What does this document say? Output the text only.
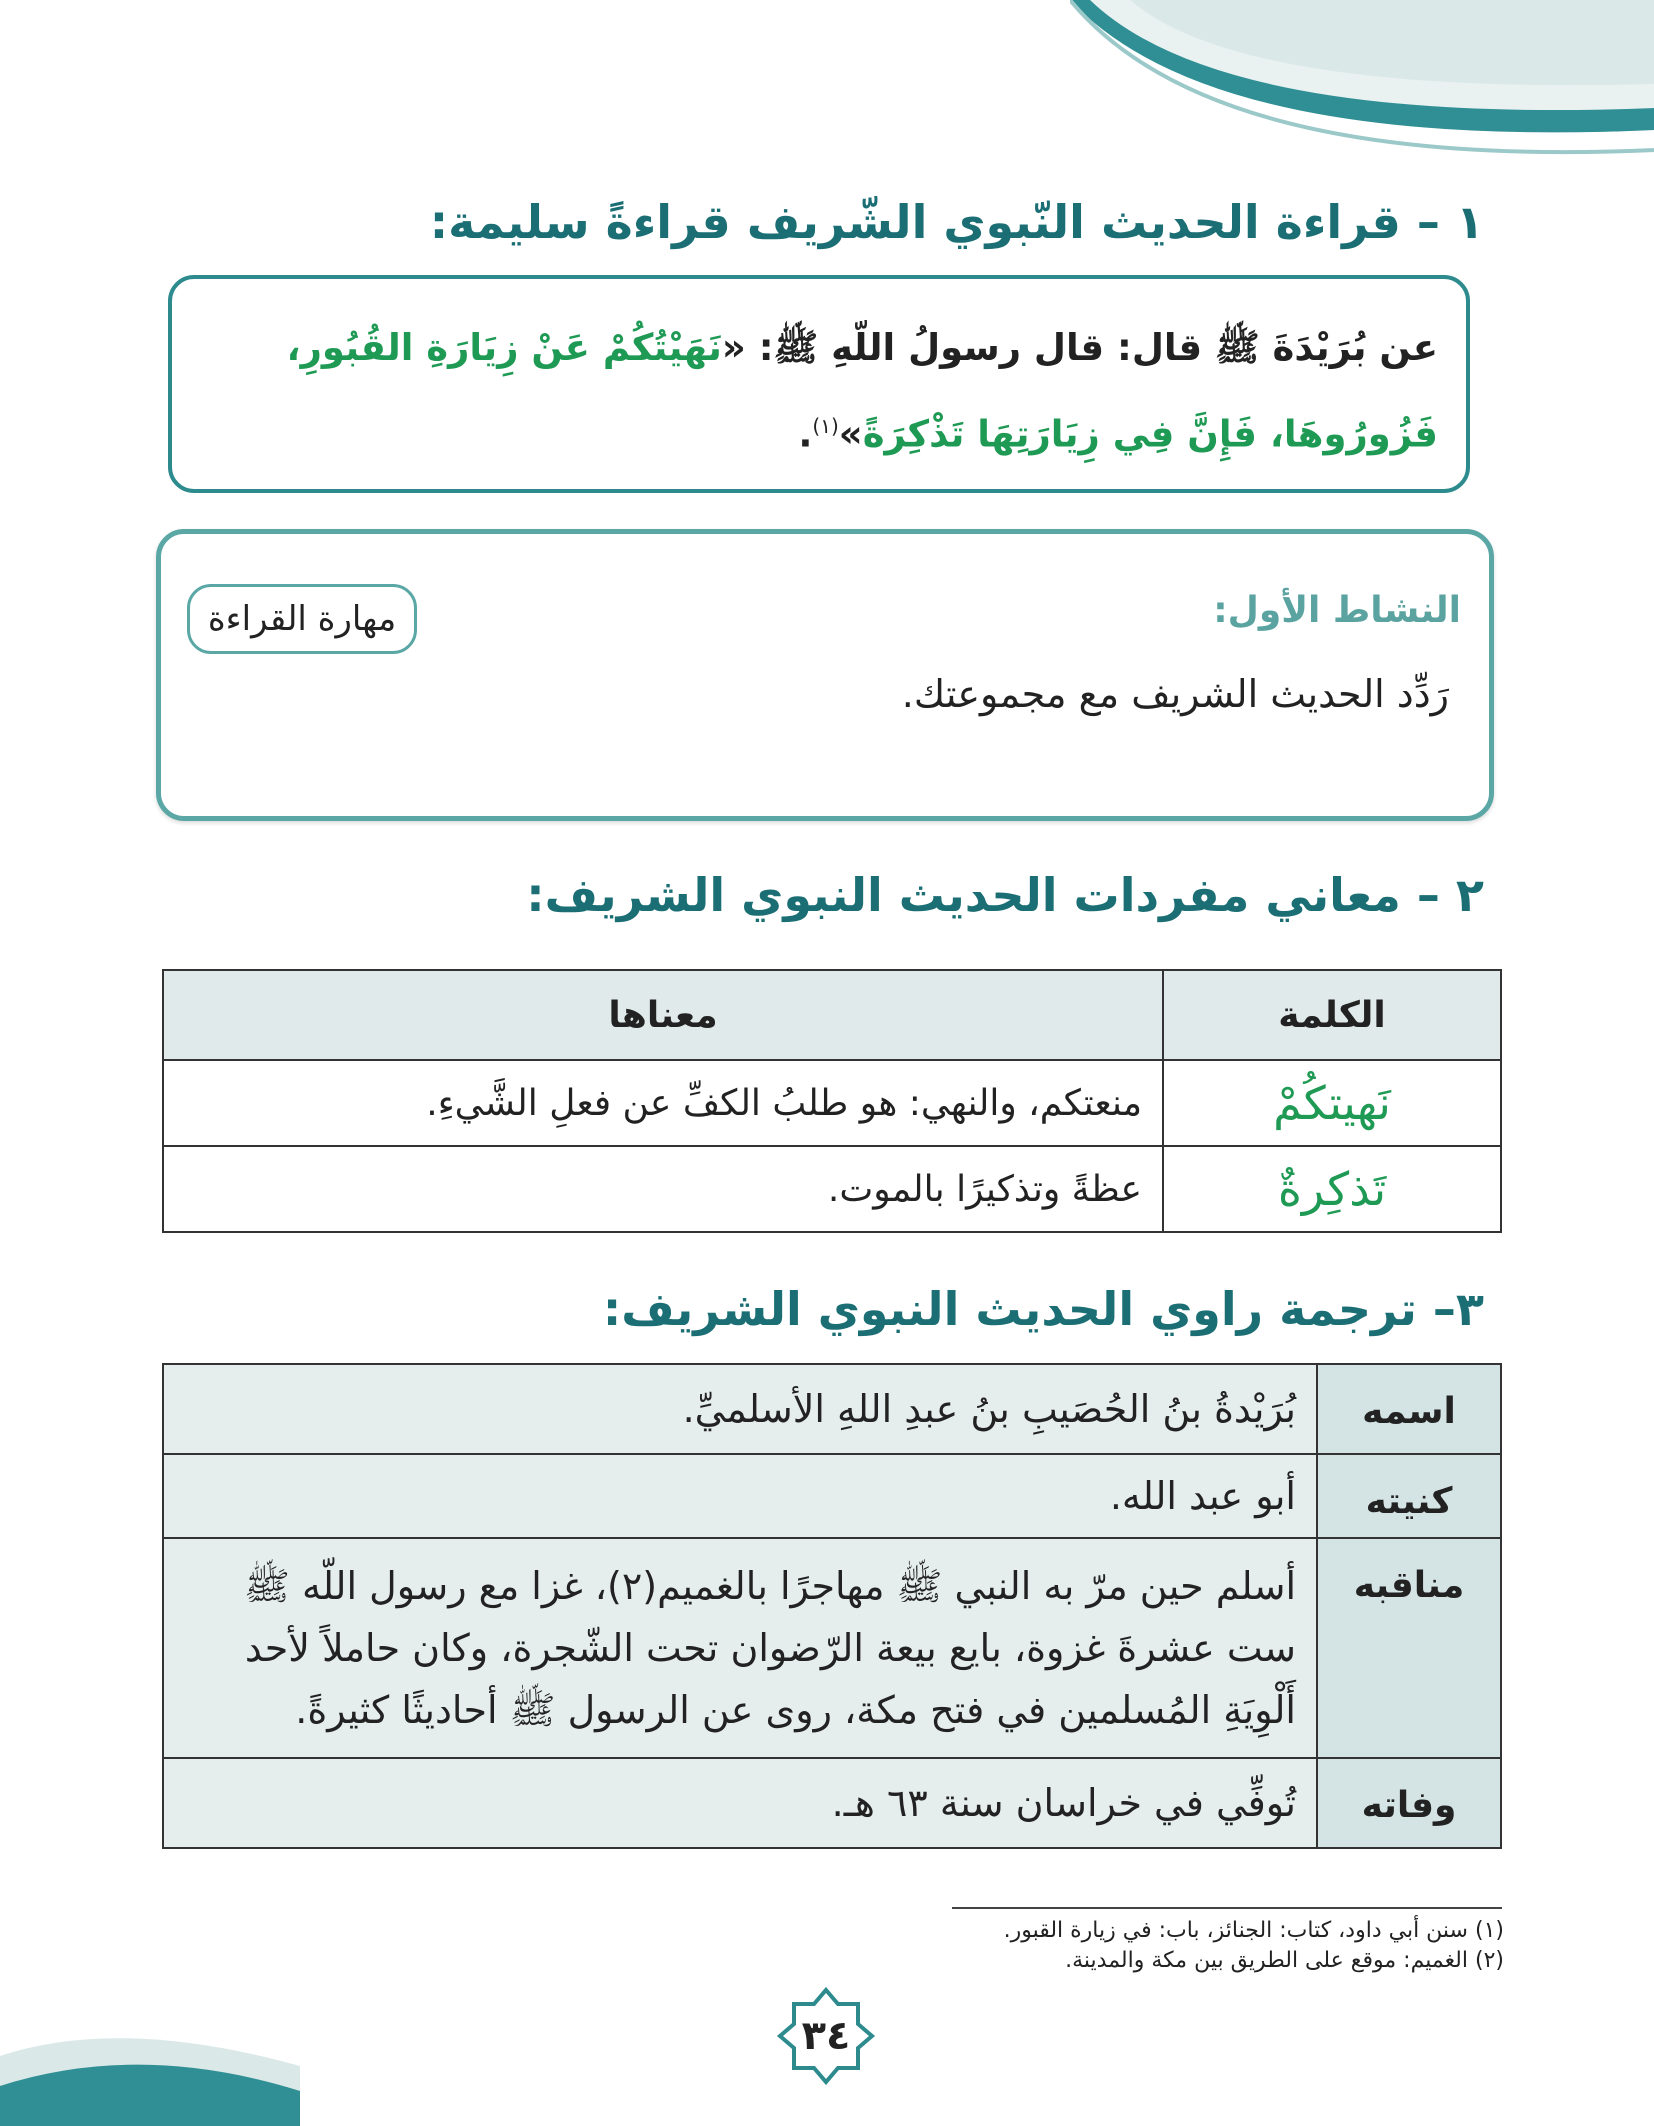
١ – قراءة الحديث النّبوي الشّريف قراءةً سليمة:
عن بُرَيْدَةَ ﷺ قال: قال رسولُ اللّهِ ﷺ: «نَهَيْتُكُمْ عَنْ زِيَارَةِ القُبُورِ، فَزُورُوهَا، فَإِنَّ فِي زِيَارَتِهَا تَذْكِرَةً»$^{(١)}$.
النشاط الأول:
مهارة القراءة
رَدِّد الحديث الشريف مع مجموعتك.
٢ – معاني مفردات الحديث النبوي الشريف:
الكلمة	معناها
نَهيتكُمْ	منعتكم، والنهي: هو طلبُ الكفِّ عن فعلِ الشَّيءِ.
تَذكِرةٌ	عظةً وتذكيرًا بالموت.
٣– ترجمة راوي الحديث النبوي الشريف:
اسمه	بُرَيْدةُ بنُ الحُصَيبِ بنُ عبدِ اللهِ الأسلميِّ.
كنيته	أبو عبد الله.
مناقبه	أسلم حين مرّ به النبي ﷺ مهاجرًا بالغميم(٢)، غزا مع رسول اللّه ﷺ ست عشرةَ غزوة، بايع بيعة الرّضوان تحت الشّجرة، وكان حاملاً لأحد أَلْوِيَةِ المُسلمين في فتح مكة، روى عن الرسول ﷺ أحاديثًا كثيرةً.
وفاته	تُوفِّي في خراسان سنة ٦٣ هـ.
(١) سنن أبي داود، كتاب: الجنائز، باب: في زيارة القبور.
(٢) الغميم: موقع على الطريق بين مكة والمدينة.
٣٤
